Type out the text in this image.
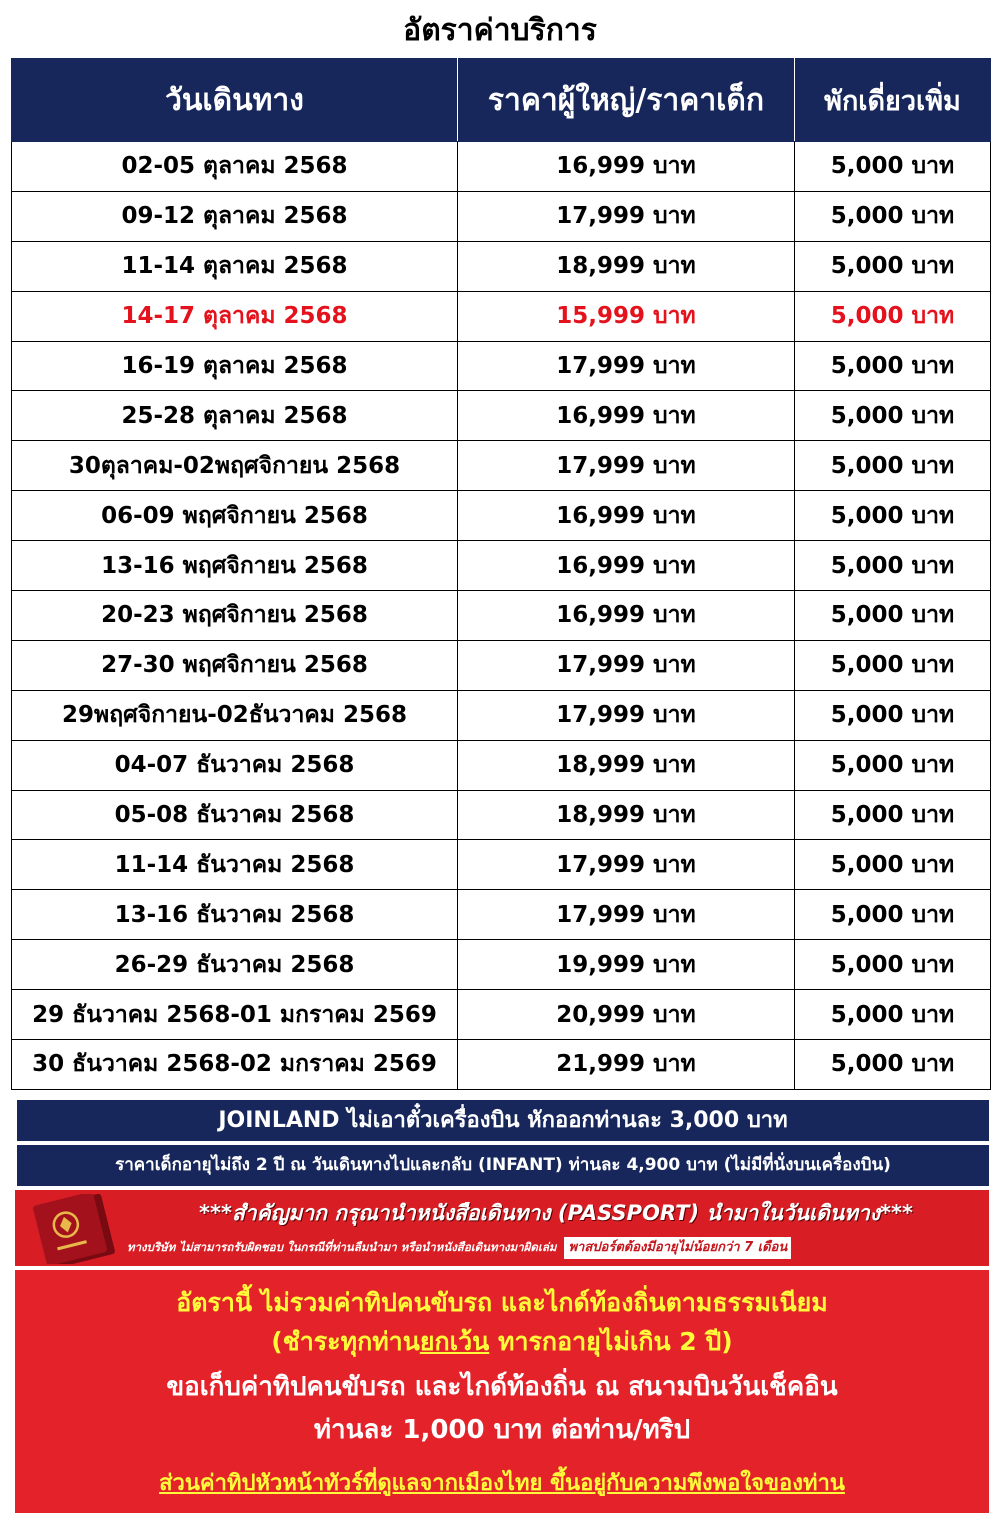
อัตราค่าบริการ
วันเดินทาง	ราคาผู้ใหญ่/ราคาเด็ก	พักเดี่ยวเพิ่ม
02-05 ตุลาคม 2568	16,999 บาท	5,000 บาท
09-12 ตุลาคม 2568	17,999 บาท	5,000 บาท
11-14 ตุลาคม 2568	18,999 บาท	5,000 บาท
14-17 ตุลาคม 2568	15,999 บาท	5,000 บาท
16-19 ตุลาคม 2568	17,999 บาท	5,000 บาท
25-28 ตุลาคม 2568	16,999 บาท	5,000 บาท
30ตุลาคม-02พฤศจิกายน 2568	17,999 บาท	5,000 บาท
06-09 พฤศจิกายน 2568	16,999 บาท	5,000 บาท
13-16 พฤศจิกายน 2568	16,999 บาท	5,000 บาท
20-23 พฤศจิกายน 2568	16,999 บาท	5,000 บาท
27-30 พฤศจิกายน 2568	17,999 บาท	5,000 บาท
29พฤศจิกายน-02ธันวาคม 2568	17,999 บาท	5,000 บาท
04-07 ธันวาคม 2568	18,999 บาท	5,000 บาท
05-08 ธันวาคม 2568	18,999 บาท	5,000 บาท
11-14 ธันวาคม 2568	17,999 บาท	5,000 บาท
13-16 ธันวาคม 2568	17,999 บาท	5,000 บาท
26-29 ธันวาคม 2568	19,999 บาท	5,000 บาท
29 ธันวาคม 2568-01 มกราคม 2569	20,999 บาท	5,000 บาท
30 ธันวาคม 2568-02 มกราคม 2569	21,999 บาท	5,000 บาท
JOINLAND ไม่เอาตั๋วเครื่องบิน หักออกท่านละ 3,000 บาท
ราคาเด็กอายุไม่ถึง 2 ปี ณ วันเดินทางไปและกลับ (INFANT) ท่านละ 4,900 บาท (ไม่มีที่นั่งบนเครื่องบิน)
***สำคัญมาก กรุณานำหนังสือเดินทาง (PASSPORT) นำมาในวันเดินทาง***
ทางบริษัท ไม่สามารถรับผิดชอบ ในกรณีที่ท่านลืมนำมา หรือนำหนังสือเดินทางมาผิดเล่ม พาสปอร์ตต้องมีอายุไม่น้อยกว่า 7 เดือน
อัตรานี้ ไม่รวมค่าทิปคนขับรถ และไกด์ท้องถิ่นตามธรรมเนียม
(ชำระทุกท่านยกเว้น ทารกอายุไม่เกิน 2 ปี)
ขอเก็บค่าทิปคนขับรถ และไกด์ท้องถิ่น ณ สนามบินวันเช็คอิน
ท่านละ 1,000 บาท ต่อท่าน/ทริป
ส่วนค่าทิปหัวหน้าทัวร์ที่ดูแลจากเมืองไทย ขึ้นอยู่กับความพึงพอใจของท่าน
